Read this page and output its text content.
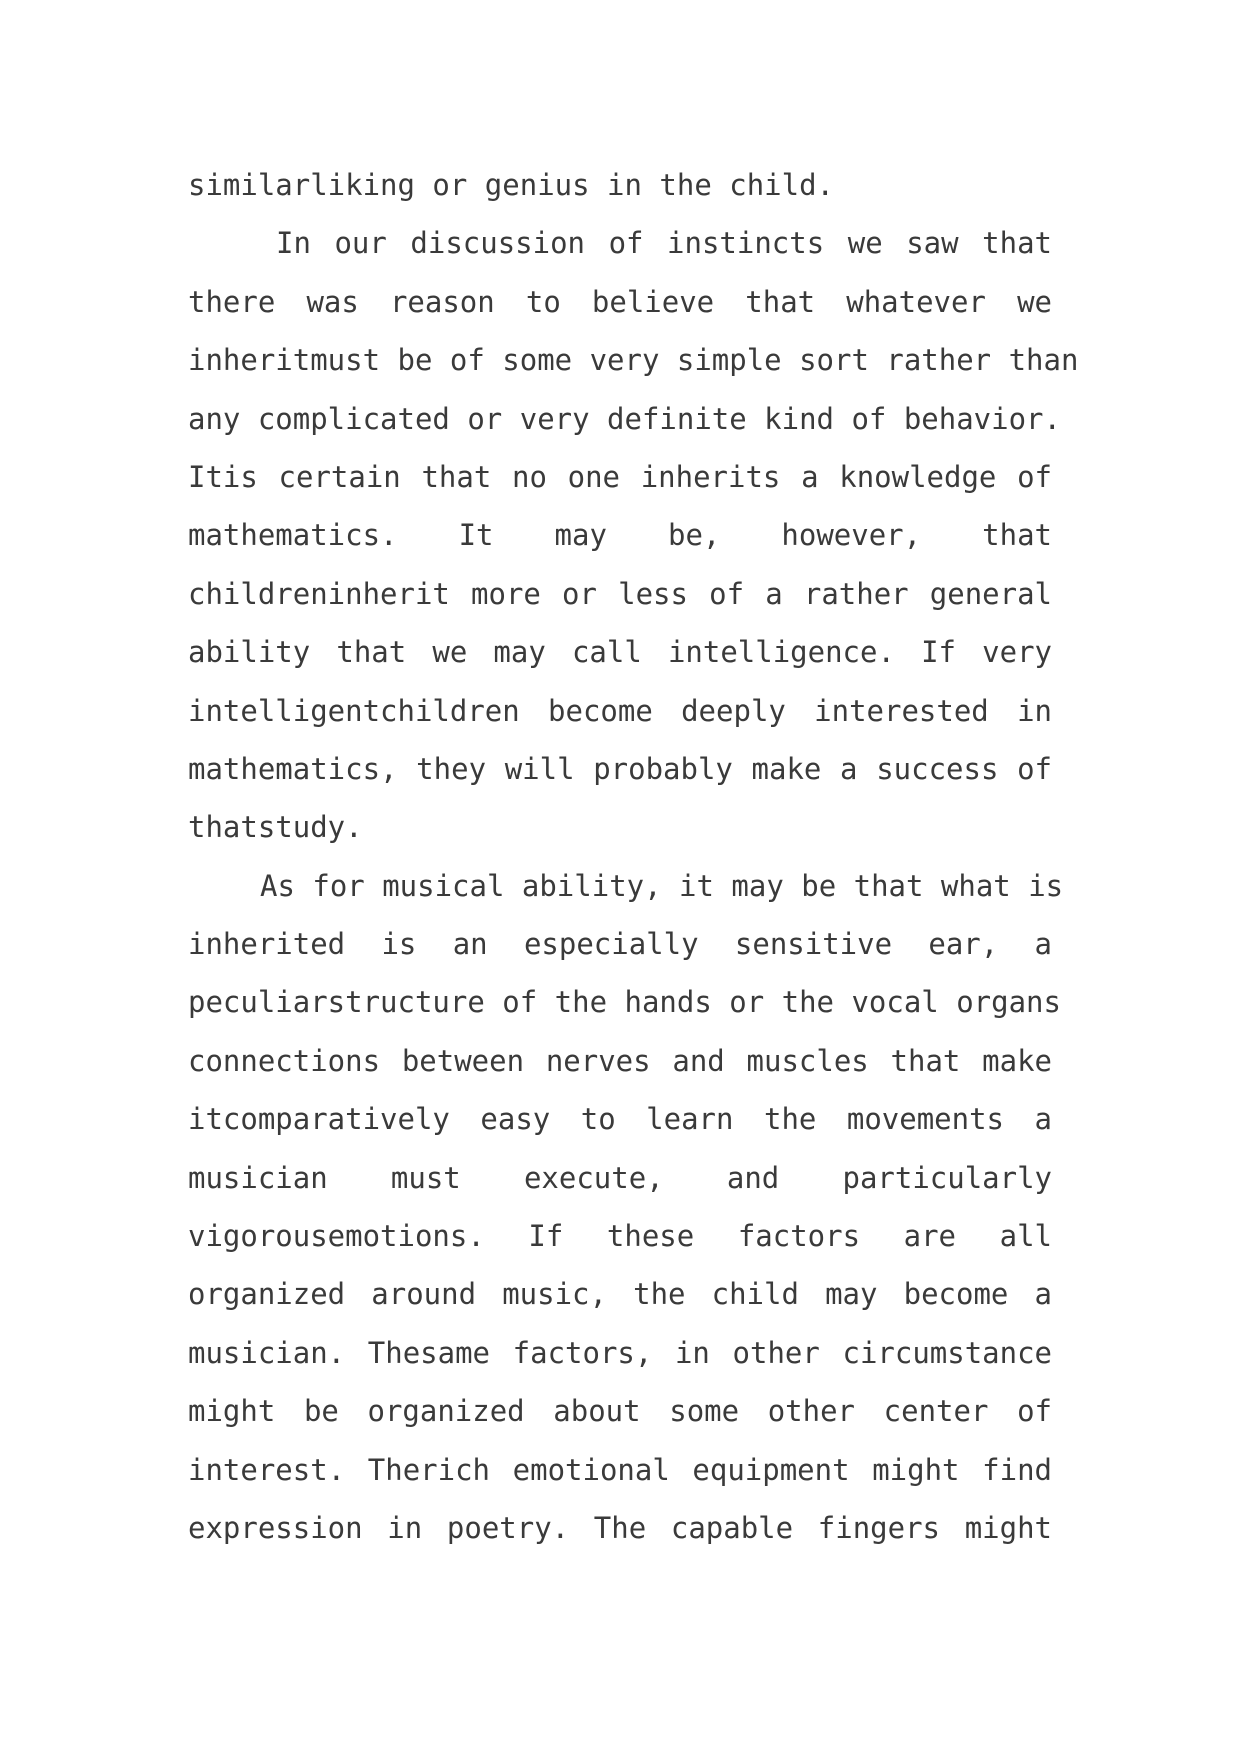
similarliking or genius in the child.
In our discussion of instincts we saw that
there was reason to believe that whatever we
inheritmust be of some very simple sort rather than
any complicated or very definite kind of behavior.
Itis certain that no one inherits a knowledge of
mathematics. It may be, however, that
childreninherit more or less of a rather general
ability that we may call intelligence. If very
intelligentchildren become deeply interested in
mathematics, they will probably make a success of
thatstudy.
As for musical ability, it may be that what is
inherited is an especially sensitive ear, a
peculiarstructure of the hands or the vocal organs
connections between nerves and muscles that make
itcomparatively easy to learn the movements a
musician must execute, and particularly
vigorousemotions. If these factors are all
organized around music, the child may become a
musician. Thesame factors, in other circumstance
might be organized about some other center of
interest. Therich emotional equipment might find
expression in poetry. The capable fingers might
